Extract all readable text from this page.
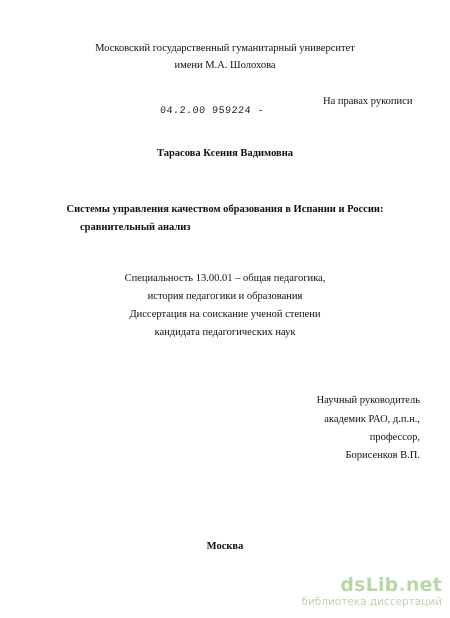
Московский государственный гуманитарный университет
имени М.А. Шолохова
04.2.00 959224 -
На правах рукописи
Тарасова Ксения Вадимовна
Системы управления качеством образования в Испании и России:
сравнительный анализ
Специальность 13.00.01 – общая педагогика,
история педагогики и образования
Диссертация на соискание ученой степени
кандидата педагогических наук
Научный руководитель
академик РАО, д.п.н.,
профессор,
Борисенков В.П.
Москва
dsLib.net
библиотека диссертаций
